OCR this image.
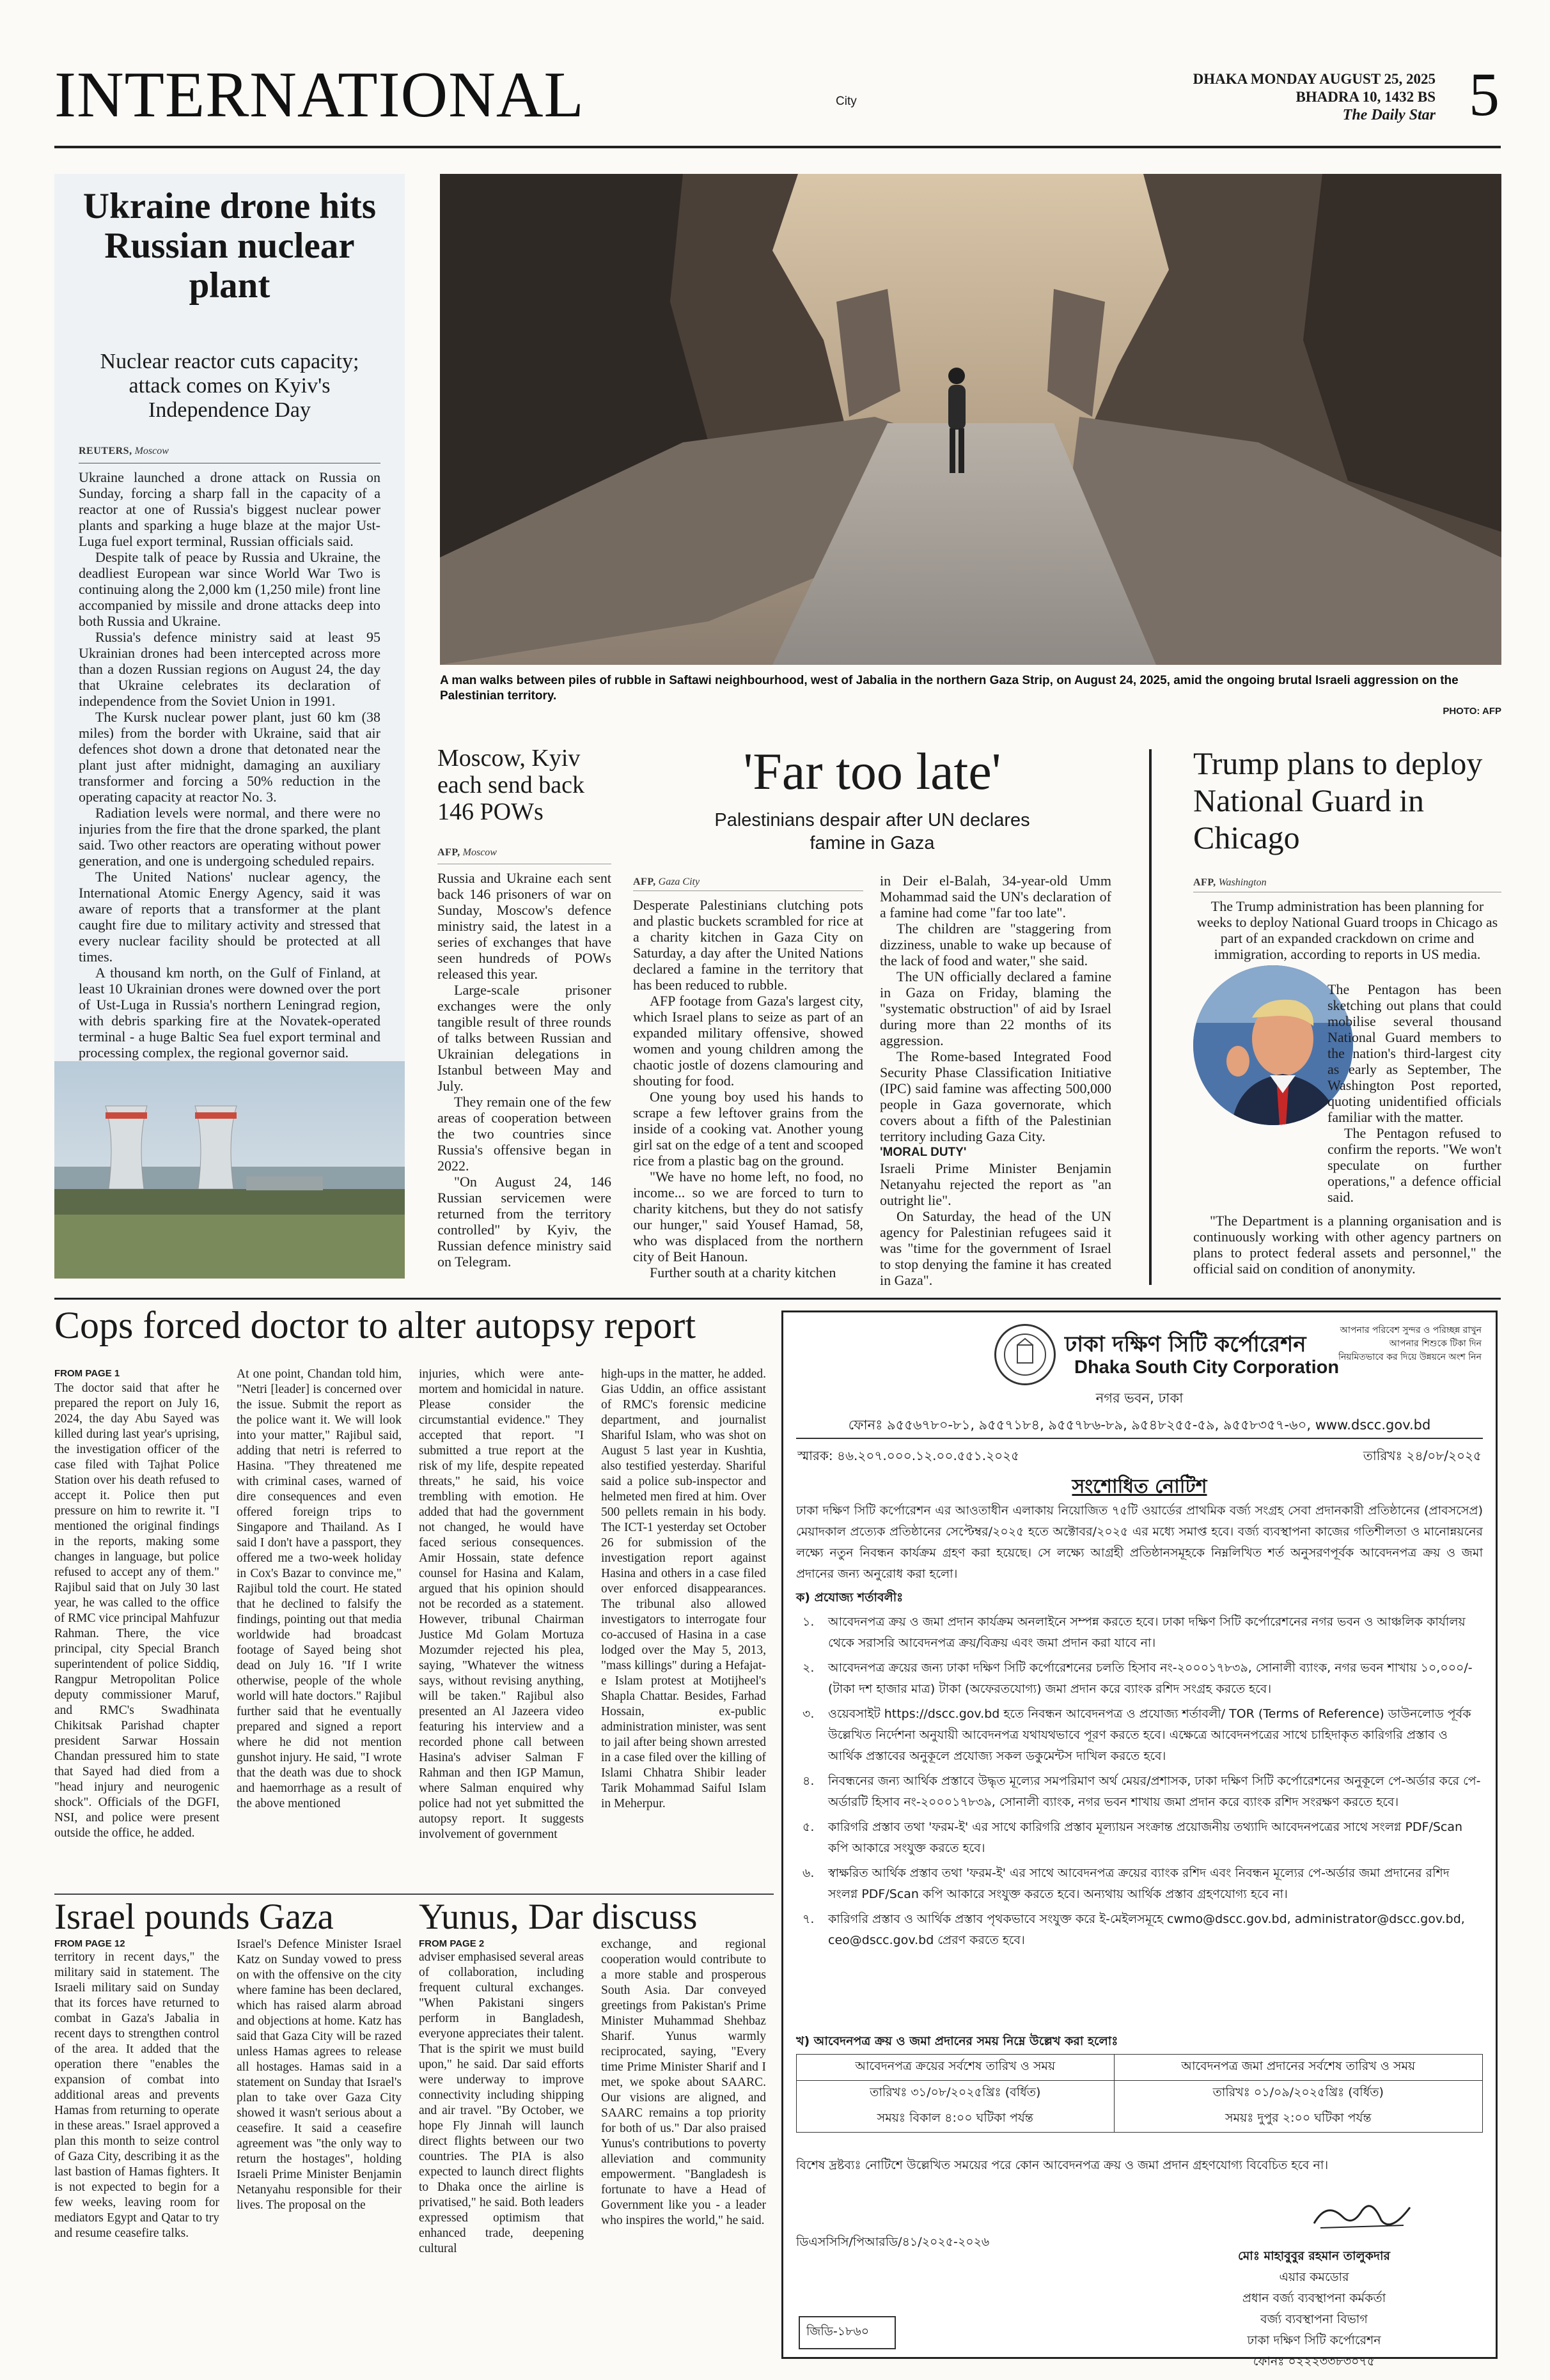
INTERNATIONAL	City
DHAKA MONDAY AUGUST 25, 2025
BHADRA 10, 1432 BS
The Daily Star 5
Ukraine drone hits Russian nuclear plant
Nuclear reactor cuts capacity; attack comes on Kyiv's Independence Day
REUTERS, Moscow

Ukraine launched a drone attack on Russia on Sunday, forcing a sharp fall in the capacity of a reactor at one of Russia's biggest nuclear power plants and sparking a huge blaze at the major Ust-Luga fuel export terminal, Russian officials said.

Despite talk of peace by Russia and Ukraine, the deadliest European war since World War Two is continuing along the 2,000 km (1,250 mile) front line accompanied by missile and drone attacks deep into both Russia and Ukraine.

Russia's defence ministry said at least 95 Ukrainian drones had been intercepted across more than a dozen Russian regions on August 24, the day that Ukraine celebrates its declaration of independence from the Soviet Union in 1991.

The Kursk nuclear power plant, just 60 km (38 miles) from the border with Ukraine, said that air defences shot down a drone that detonated near the plant just after midnight, damaging an auxiliary transformer and forcing a 50% reduction in the operating capacity at reactor No. 3.

Radiation levels were normal, and there were no injuries from the fire that the drone sparked, the plant said. Two other reactors are operating without power generation, and one is undergoing scheduled repairs.

The United Nations' nuclear agency, the International Atomic Energy Agency, said it was aware of reports that a transformer at the plant caught fire due to military activity and stressed that every nuclear facility should be protected at all times.

A thousand km north, on the Gulf of Finland, at least 10 Ukrainian drones were downed over the port of Ust-Luga in Russia's northern Leningrad region, with debris sparking fire at the Novatek-operated terminal - a huge Baltic Sea fuel export terminal and processing complex, the regional governor said.

A man walks between piles of rubble in Saftawi neighbourhood, west of Jabalia in the northern Gaza Strip, on August 24, 2025, amid the ongoing brutal Israeli aggression on the Palestinian territory.
PHOTO: AFP
Moscow, Kyiv each send back 146 POWs
AFP, Moscow

Russia and Ukraine each sent back 146 prisoners of war on Sunday, Moscow's defence ministry said, the latest in a series of exchanges that have seen hundreds of POWs released this year.

Large-scale prisoner exchanges were the only tangible result of three rounds of talks between Russian and Ukrainian delegations in Istanbul between May and July.

They remain one of the few areas of cooperation between the two countries since Russia's offensive began in 2022.

"On August 24, 146 Russian servicemen were returned from the territory controlled" by Kyiv, the Russian defence ministry said on Telegram.

'Far too late'
Palestinians despair after UN declares famine in Gaza
AFP, Gaza City

Desperate Palestinians clutching pots and plastic buckets scrambled for rice at a charity kitchen in Gaza City on Saturday, a day after the United Nations declared a famine in the territory that has been reduced to rubble.

AFP footage from Gaza's largest city, which Israel plans to seize as part of an expanded military offensive, showed women and young children among the chaotic jostle of dozens clamouring and shouting for food.

One young boy used his hands to scrape a few leftover grains from the inside of a cooking vat. Another young girl sat on the edge of a tent and scooped rice from a plastic bag on the ground.

"We have no home left, no food, no income... so we are forced to turn to charity kitchens, but they do not satisfy our hunger," said Yousef Hamad, 58, who was displaced from the northern city of Beit Hanoun.

Further south at a charity kitchen

in Deir el-Balah, 34-year-old Umm Mohammad said the UN's declaration of a famine had come "far too late".

The children are "staggering from dizziness, unable to wake up because of the lack of food and water," she said.

The UN officially declared a famine in Gaza on Friday, blaming the "systematic obstruction" of aid by Israel during more than 22 months of its aggression.

The Rome-based Integrated Food Security Phase Classification Initiative (IPC) said famine was affecting 500,000 people in Gaza governorate, which covers about a fifth of the Palestinian territory including Gaza City.

'MORAL DUTY'

Israeli Prime Minister Benjamin Netanyahu rejected the report as "an outright lie".

On Saturday, the head of the UN agency for Palestinian refugees said it was "time for the government of Israel to stop denying the famine it has created in Gaza".

Trump plans to deploy National Guard in Chicago
AFP, Washington
The Trump administration has been planning for weeks to deploy National Guard troops in Chicago as part of an expanded crackdown on crime and immigration, according to reports in US media.

The Pentagon has been sketching out plans that could mobilise several thousand National Guard members to the nation's third-largest city as early as September, The Washington Post reported, quoting unidentified officials familiar with the matter.

The Pentagon refused to confirm the reports. "We won't speculate on further operations," a defence official said.

"The Department is a planning organisation and is continuously working with other agency partners on plans to protect federal assets and personnel," the official said on condition of anonymity.
Cops forced doctor to alter autopsy report
FROM PAGE 1
The doctor said that after he prepared the report on July 16, 2024, the day Abu Sayed was killed during last year's uprising, the investigation officer of the case filed with Tajhat Police Station over his death refused to accept it. Police then put pressure on him to rewrite it. "I mentioned the original findings in the reports, making some changes in language, but police refused to accept any of them." Rajibul said that on July 30 last year, he was called to the office of RMC vice principal Mahfuzur Rahman. There, the vice principal, city Special Branch superintendent of police Siddiq, Rangpur Metropolitan Police deputy commissioner Maruf, and RMC's Swadhinata Chikitsak Parishad chapter president Sarwar Hossain Chandan pressured him to state that Sayed had died from a "head injury and neurogenic shock". Officials of the DGFI, NSI, and police were present outside the office, he added.
At one point, Chandan told him, "Netri [leader] is concerned over the issue. Submit the report as the police want it. We will look into your matter," Rajibul said, adding that netri is referred to Hasina. "They threatened me with criminal cases, warned of dire consequences and even offered foreign trips to Singapore and Thailand. As I said I don't have a passport, they offered me a two-week holiday in Cox's Bazar to convince me," Rajibul told the court. He stated that he declined to falsify the findings, pointing out that media worldwide had broadcast footage of Sayed being shot dead on July 16. "If I write otherwise, people of the whole world will hate doctors." Rajibul further said that he eventually prepared and signed a report where he did not mention gunshot injury. He said, "I wrote that the death was due to shock and haemorrhage as a result of the above mentioned
injuries, which were ante-mortem and homicidal in nature. Please consider the circumstantial evidence." They accepted that report. "I submitted a true report at the risk of my life, despite repeated threats," he said, his voice trembling with emotion. He added that had the government not changed, he would have faced serious consequences. Amir Hossain, state defence counsel for Hasina and Kalam, argued that his opinion should not be recorded as a statement. However, tribunal Chairman Justice Md Golam Mortuza Mozumder rejected his plea, saying, "Whatever the witness says, without revising anything, will be taken." Rajibul also presented an Al Jazeera video featuring his interview and a recorded phone call between Hasina's adviser Salman F Rahman and then IGP Mamun, where Salman enquired why police had not yet submitted the autopsy report. It suggests involvement of government
high-ups in the matter, he added. Gias Uddin, an office assistant of RMC's forensic medicine department, and journalist Shariful Islam, who was shot on August 5 last year in Kushtia, also testified yesterday. Shariful said a police sub-inspector and helmeted men fired at him. Over 500 pellets remain in his body. The ICT-1 yesterday set October 26 for submission of the investigation report against Hasina and others in a case filed over enforced disappearances. The tribunal also allowed investigators to interrogate four co-accused of Hasina in a case lodged over the May 5, 2013, "mass killings" during a Hefajat-e Islam protest at Motijheel's Shapla Chattar. Besides, Farhad Hossain, ex-public administration minister, was sent to jail after being shown arrested in a case filed over the killing of Islami Chhatra Shibir leader Tarik Mohammad Saiful Islam in Meherpur.
Israel pounds Gaza
FROM PAGE 12
territory in recent days," the military said in statement. The Israeli military said on Sunday that its forces have returned to combat in Gaza's Jabalia in recent days to strengthen control of the area. It added that the operation there "enables the expansion of combat into additional areas and prevents Hamas from returning to operate in these areas." Israel approved a plan this month to seize control of Gaza City, describing it as the last bastion of Hamas fighters. It is not expected to begin for a few weeks, leaving room for mediators Egypt and Qatar to try and resume ceasefire talks.
Israel's Defence Minister Israel Katz on Sunday vowed to press on with the offensive on the city where famine has been declared, which has raised alarm abroad and objections at home. Katz has said that Gaza City will be razed unless Hamas agrees to release all hostages. Hamas said in a statement on Sunday that Israel's plan to take over Gaza City showed it wasn't serious about a ceasefire. It said a ceasefire agreement was "the only way to return the hostages", holding Israeli Prime Minister Benjamin Netanyahu responsible for their lives. The proposal on the
Yunus, Dar discuss
FROM PAGE 2
adviser emphasised several areas of collaboration, including frequent cultural exchanges. "When Pakistani singers perform in Bangladesh, everyone appreciates their talent. That is the spirit we must build upon," he said. Dar said efforts were underway to improve connectivity including shipping and air travel. "By October, we hope Fly Jinnah will launch direct flights between our two countries. The PIA is also expected to launch direct flights to Dhaka once the airline is privatised," he said. Both leaders expressed optimism that enhanced trade, deepening cultural
exchange, and regional cooperation would contribute to a more stable and prosperous South Asia. Dar conveyed greetings from Pakistan's Prime Minister Muhammad Shehbaz Sharif. Yunus warmly reciprocated, saying, "Every time Prime Minister Sharif and I met, we spoke about SAARC. Our visions are aligned, and SAARC remains a top priority for both of us." Dar also praised Yunus's contributions to poverty alleviation and community empowerment. "Bangladesh is fortunate to have a Head of Government like you - a leader who inspires the world," he said.
ঢাকা দক্ষিণ সিটি কর্পোরেশন
Dhaka South City Corporation
নগর ভবন, ঢাকা
আপনার পরিবেশ সুন্দর ও পরিচ্ছন্ন রাখুন
আপনার শিশুকে টিকা দিন
নিয়মিতভাবে কর দিয়ে উন্নয়নে অংশ নিন
ফোনঃ ৯৫৫৬৭৮০-৮১, ৯৫৫৭১৮৪, ৯৫৫৭৮৬-৮৯, ৯৫৪৮২৫৫-৫৯, ৯৫৫৮৩৫৭-৬০, www.dscc.gov.bd
স্মারক: ৪৬.২০৭.০০০.১২.০০.৫৫১.২০২৫	তারিখঃ ২৪/০৮/২০২৫
সংশোধিত নোটিশ
ঢাকা দক্ষিণ সিটি কর্পোরেশন এর আওতাধীন এলাকায় নিয়োজিত ৭৫টি ওয়ার্ডের প্রাথমিক বর্জ্য সংগ্রহ সেবা প্রদানকারী প্রতিষ্ঠানের (প্রাবসসেপ্র) মেয়াদকাল প্রত্যেক প্রতিষ্ঠানের সেপ্টেম্বর/২০২৫ হতে অক্টোবর/২০২৫ এর মধ্যে সমাপ্ত হবে। বর্জ্য ব্যবস্থাপনা কাজের গতিশীলতা ও মানোন্নয়নের লক্ষ্যে নতুন নিবন্ধন কার্যক্রম গ্রহণ করা হয়েছে। সে লক্ষ্যে আগ্রহী প্রতিষ্ঠানসমূহকে নিম্নলিখিত শর্ত অনুসরণপূর্বক আবেদনপত্র ক্রয় ও জমা প্রদানের জন্য অনুরোধ করা হলো।
ক) প্রযোজ্য শর্তাবলীঃ
১. আবেদনপত্র ক্রয় ও জমা প্রদান কার্যক্রম অনলাইনে সম্পন্ন করতে হবে। ঢাকা দক্ষিণ সিটি কর্পোরেশনের নগর ভবন ও আঞ্চলিক কার্যালয় থেকে সরাসরি আবেদনপত্র ক্রয়/বিক্রয় এবং জমা প্রদান করা যাবে না।
২. আবেদনপত্র ক্রয়ের জন্য ঢাকা দক্ষিণ সিটি কর্পোরেশনের চলতি হিসাব নং-২০০০১৭৮৩৯, সোনালী ব্যাংক, নগর ভবন শাখায় ১০,০০০/- (টাকা দশ হাজার মাত্র) টাকা (অফেরতযোগ্য) জমা প্রদান করে ব্যাংক রশিদ সংগ্রহ করতে হবে।
৩. ওয়েবসাইট https://dscc.gov.bd হতে নিবন্ধন আবেদনপত্র ও প্রযোজ্য শর্তাবলী/ TOR (Terms of Reference) ডাউনলোড পূর্বক উল্লেখিত নির্দেশনা অনুযায়ী আবেদনপত্র যথাযথভাবে পূরণ করতে হবে। এক্ষেত্রে আবেদনপত্রের সাথে চাহিদাকৃত কারিগরি প্রস্তাব ও আর্থিক প্রস্তাবের অনুকূলে প্রযোজ্য সকল ডকুমেন্টস দাখিল করতে হবে।
৪. নিবন্ধনের জন্য আর্থিক প্রস্তাবে উদ্ধৃত মূল্যের সমপরিমাণ অর্থ মেয়র/প্রশাসক, ঢাকা দক্ষিণ সিটি কর্পোরেশনের অনুকূলে পে-অর্ডার করে পে-অর্ডারটি হিসাব নং-২০০০১৭৮৩৯, সোনালী ব্যাংক, নগর ভবন শাখায় জমা প্রদান করে ব্যাংক রশিদ সংরক্ষণ করতে হবে।
৫. কারিগরি প্রস্তাব তথা 'ফরম-ই' এর সাথে কারিগরি প্রস্তাব মূল্যায়ন সংক্রান্ত প্রয়োজনীয় তথ্যাদি আবেদনপত্রের সাথে সংলগ্ন PDF/Scan কপি আকারে সংযুক্ত করতে হবে।
৬. স্বাক্ষরিত আর্থিক প্রস্তাব তথা 'ফরম-ই' এর সাথে আবেদনপত্র ক্রয়ের ব্যাংক রশিদ এবং নিবন্ধন মূল্যের পে-অর্ডার জমা প্রদানের রশিদ সংলগ্ন PDF/Scan কপি আকারে সংযুক্ত করতে হবে। অন্যথায় আর্থিক প্রস্তাব গ্রহণযোগ্য হবে না।
৭. কারিগরি প্রস্তাব ও আর্থিক প্রস্তাব পৃথকভাবে সংযুক্ত করে ই-মেইলসমূহে cwmo@dscc.gov.bd, administrator@dscc.gov.bd, ceo@dscc.gov.bd প্রেরণ করতে হবে।
খ) আবেদনপত্র ক্রয় ও জমা প্রদানের সময় নিম্নে উল্লেখ করা হলোঃ
আবেদনপত্র ক্রয়ের সর্বশেষ তারিখ ও সময়	আবেদনপত্র জমা প্রদানের সর্বশেষ তারিখ ও সময়
তারিখঃ ৩১/০৮/২০২৫খ্রিঃ (বর্ধিত)	তারিখঃ ০১/০৯/২০২৫খ্রিঃ (বর্ধিত)
সময়ঃ বিকাল ৪:০০ ঘটিকা পর্যন্ত	সময়ঃ দুপুর ২:০০ ঘটিকা পর্যন্ত
বিশেষ দ্রষ্টব্যঃ নোটিশে উল্লেখিত সময়ের পরে কোন আবেদনপত্র ক্রয় ও জমা প্রদান গ্রহণযোগ্য বিবেচিত হবে না।
ডিএসসিসি/পিআরডি/৪১/২০২৫-২০২৬
মোঃ মাহাবুবুর রহমান তালুকদার
এয়ার কমডোর
প্রধান বর্জ্য ব্যবস্থাপনা কর্মকর্তা
বর্জ্য ব্যবস্থাপনা বিভাগ
ঢাকা দক্ষিণ সিটি কর্পোরেশন
ফোনঃ ০২২২৩৩৮৩০৭৫
জিডি-১৮৬০
